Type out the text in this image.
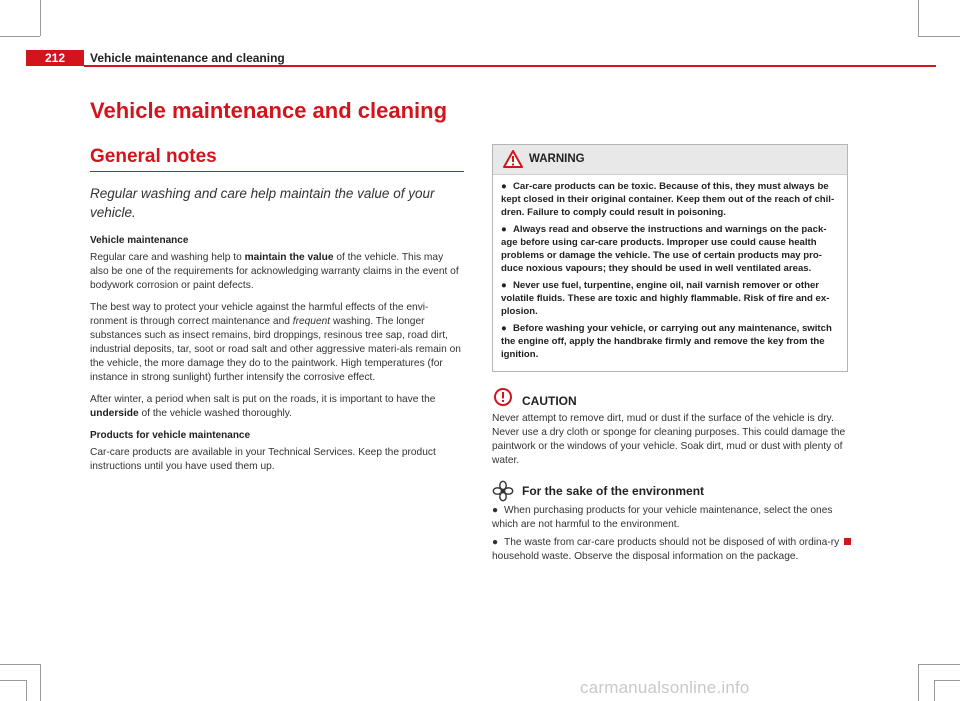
212	Vehicle maintenance and cleaning
Vehicle maintenance and cleaning
General notes

Regular washing and care help maintain the value of your vehicle.

Vehicle maintenance

Regular care and washing help to maintain the value of the vehicle. This may also be one of the requirements for acknowledging warranty claims in the event of bodywork corrosion or paint defects.

The best way to protect your vehicle against the harmful effects of the envi-ronment is through correct maintenance and frequent washing. The longer substances such as insect remains, bird droppings, resinous tree sap, road dirt, industrial deposits, tar, soot or road salt and other aggressive materi-als remain on the vehicle, the more damage they do to the paintwork. High temperatures (for instance in strong sunlight) further intensify the corrosive effect.

After winter, a period when salt is put on the roads, it is important to have the underside of the vehicle washed thoroughly.

Products for vehicle maintenance

Car-care products are available in your Technical Services. Keep the product instructions until you have used them up.

WARNING

● Car-care products can be toxic. Because of this, they must always be kept closed in their original container. Keep them out of the reach of chil-dren. Failure to comply could result in poisoning.

● Always read and observe the instructions and warnings on the pack-age before using car-care products. Improper use could cause health problems or damage the vehicle. The use of certain products may pro-duce noxious vapours; they should be used in well ventilated areas.

● Never use fuel, turpentine, engine oil, nail varnish remover or other volatile fluids. These are toxic and highly flammable. Risk of fire and ex-plosion.

● Before washing your vehicle, or carrying out any maintenance, switch the engine off, apply the handbrake firmly and remove the key from the ignition.

CAUTION

Never attempt to remove dirt, mud or dust if the surface of the vehicle is dry. Never use a dry cloth or sponge for cleaning purposes. This could damage the paintwork or the windows of your vehicle. Soak dirt, mud or dust with plenty of water.

For the sake of the environment

● When purchasing products for your vehicle maintenance, select the ones which are not harmful to the environment.

● The waste from car-care products should not be disposed of with ordina-ry household waste. Observe the disposal information on the package.

carmanualsonline.info
